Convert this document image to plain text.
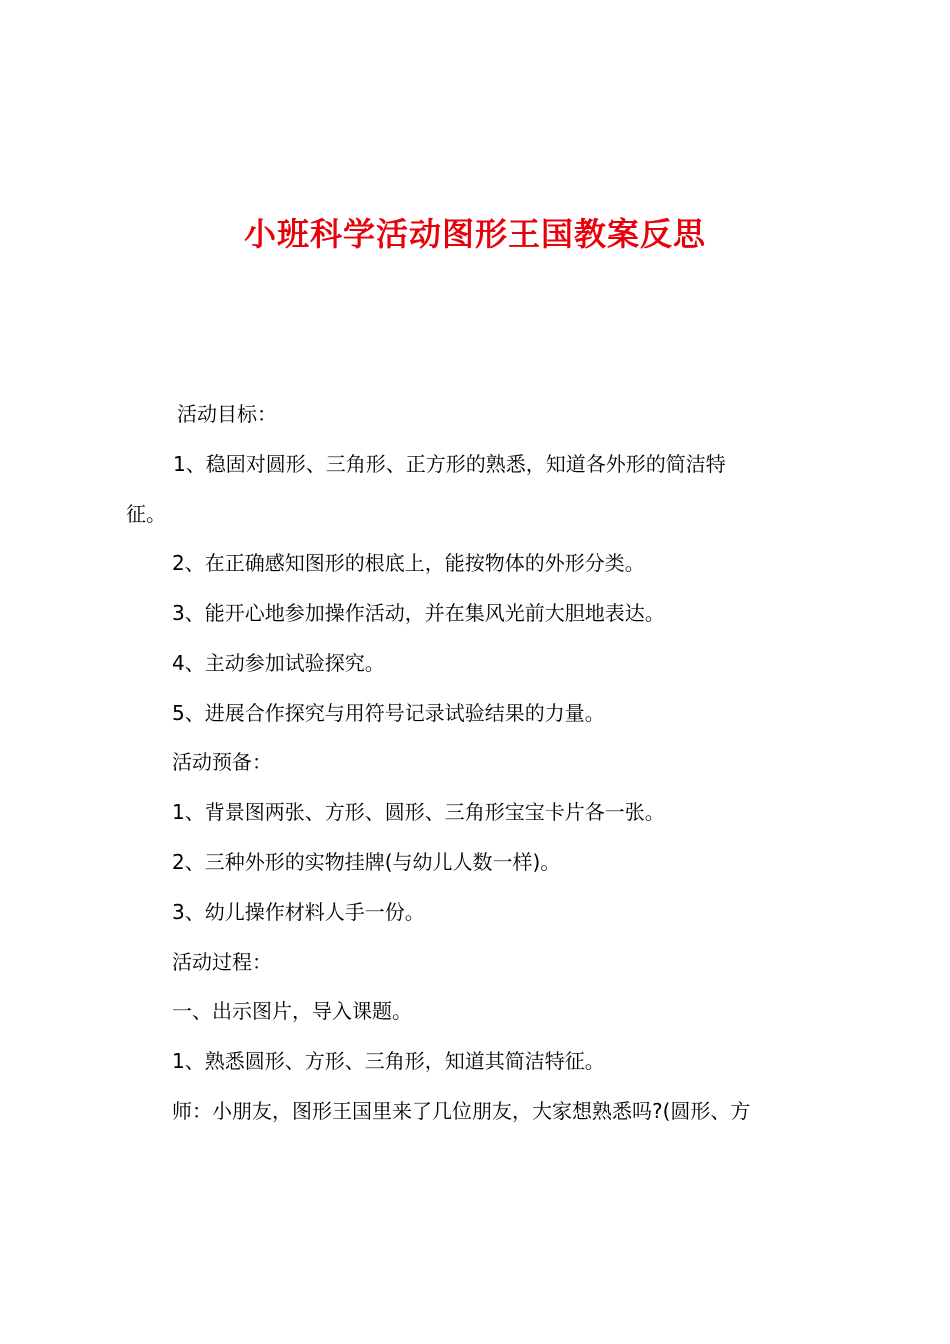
小班科学活动图形王国教案反思
活动目标：
1、稳固对圆形、三角形、正方形的熟悉，知道各外形的简洁特
征。
2、在正确感知图形的根底上，能按物体的外形分类。
3、能开心地参加操作活动，并在集风光前大胆地表达。
4、主动参加试验探究。
5、进展合作探究与用符号记录试验结果的力量。
活动预备：
1、背景图两张、方形、圆形、三角形宝宝卡片各一张。
2、三种外形的实物挂牌(与幼儿人数一样)。
3、幼儿操作材料人手一份。
活动过程：
一、出示图片，导入课题。
1、熟悉圆形、方形、三角形，知道其简洁特征。
师：小朋友，图形王国里来了几位朋友，大家想熟悉吗?(圆形、方
